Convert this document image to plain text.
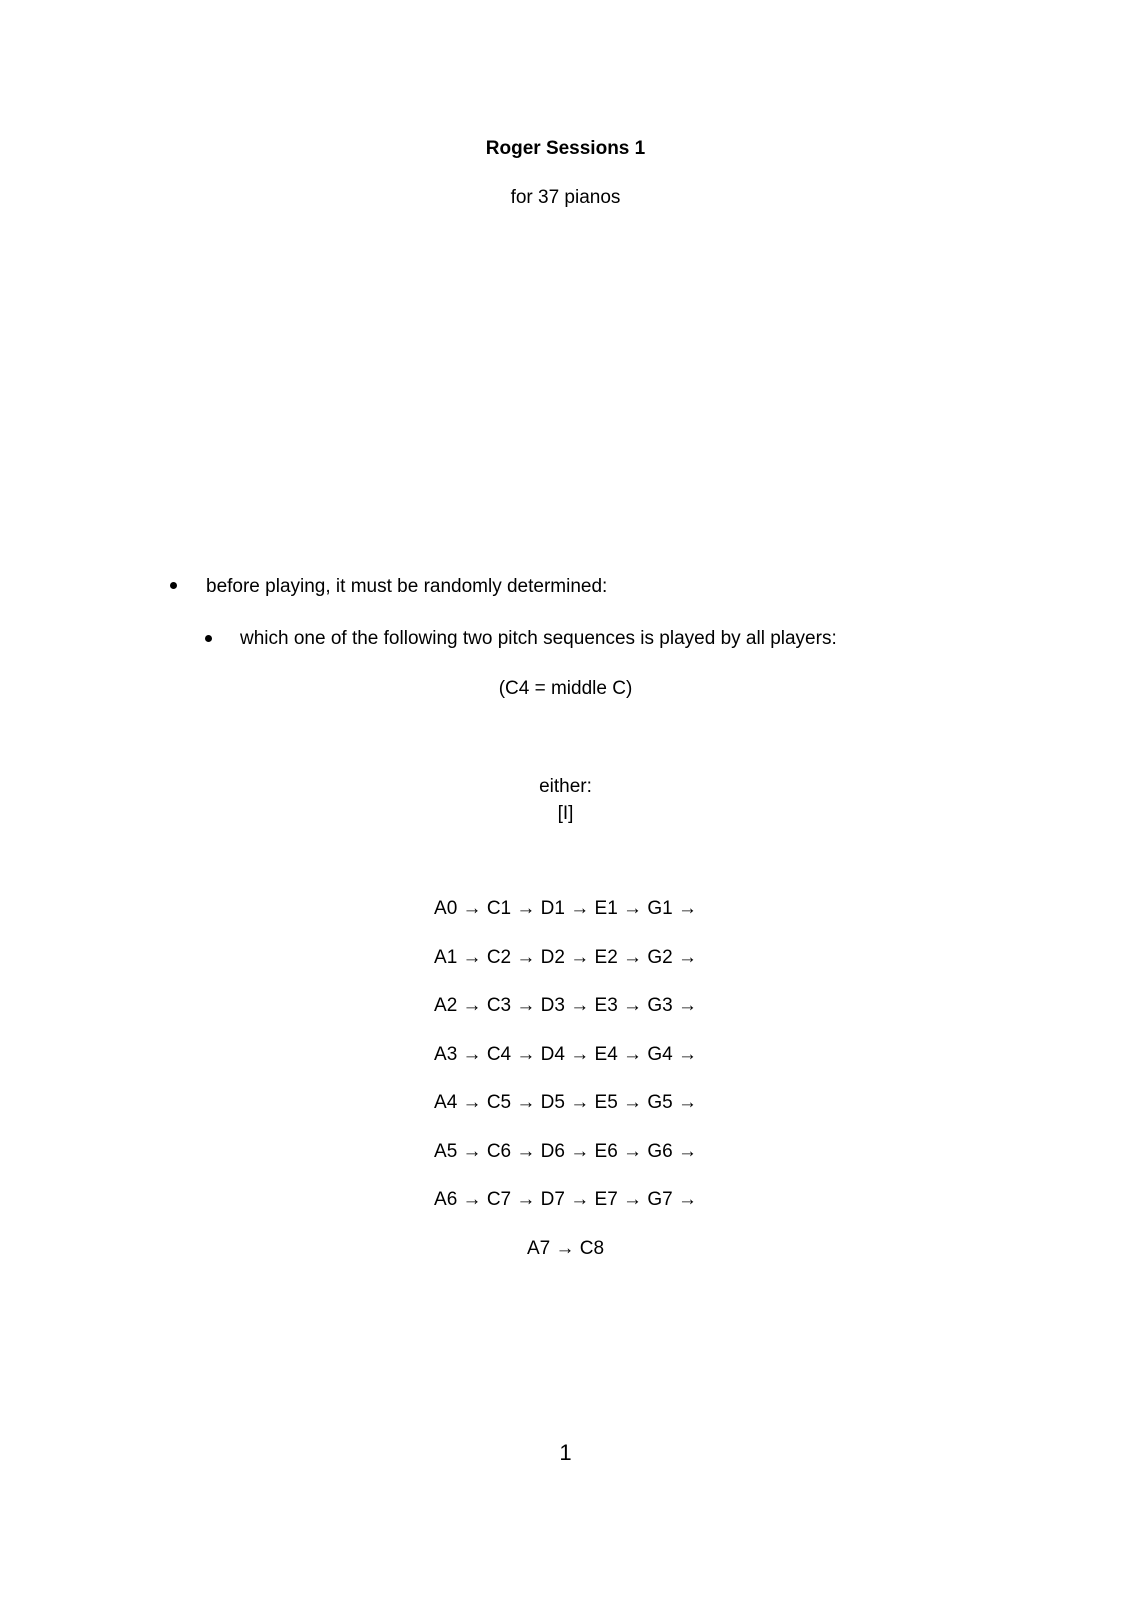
Roger Sessions 1
for 37 pianos
before playing, it must be randomly determined:
which one of the following two pitch sequences is played by all players:
(C4 = middle C)
either:
[I]
A0 → C1 → D1 → E1 → G1 →
A1 → C2 → D2 → E2 → G2 →
A2 → C3 → D3 → E3 → G3 →
A3 → C4 → D4 → E4 → G4 →
A4 → C5 → D5 → E5 → G5 →
A5 → C6 → D6 → E6 → G6 →
A6 → C7 → D7 → E7 → G7 →
A7 → C8
1
